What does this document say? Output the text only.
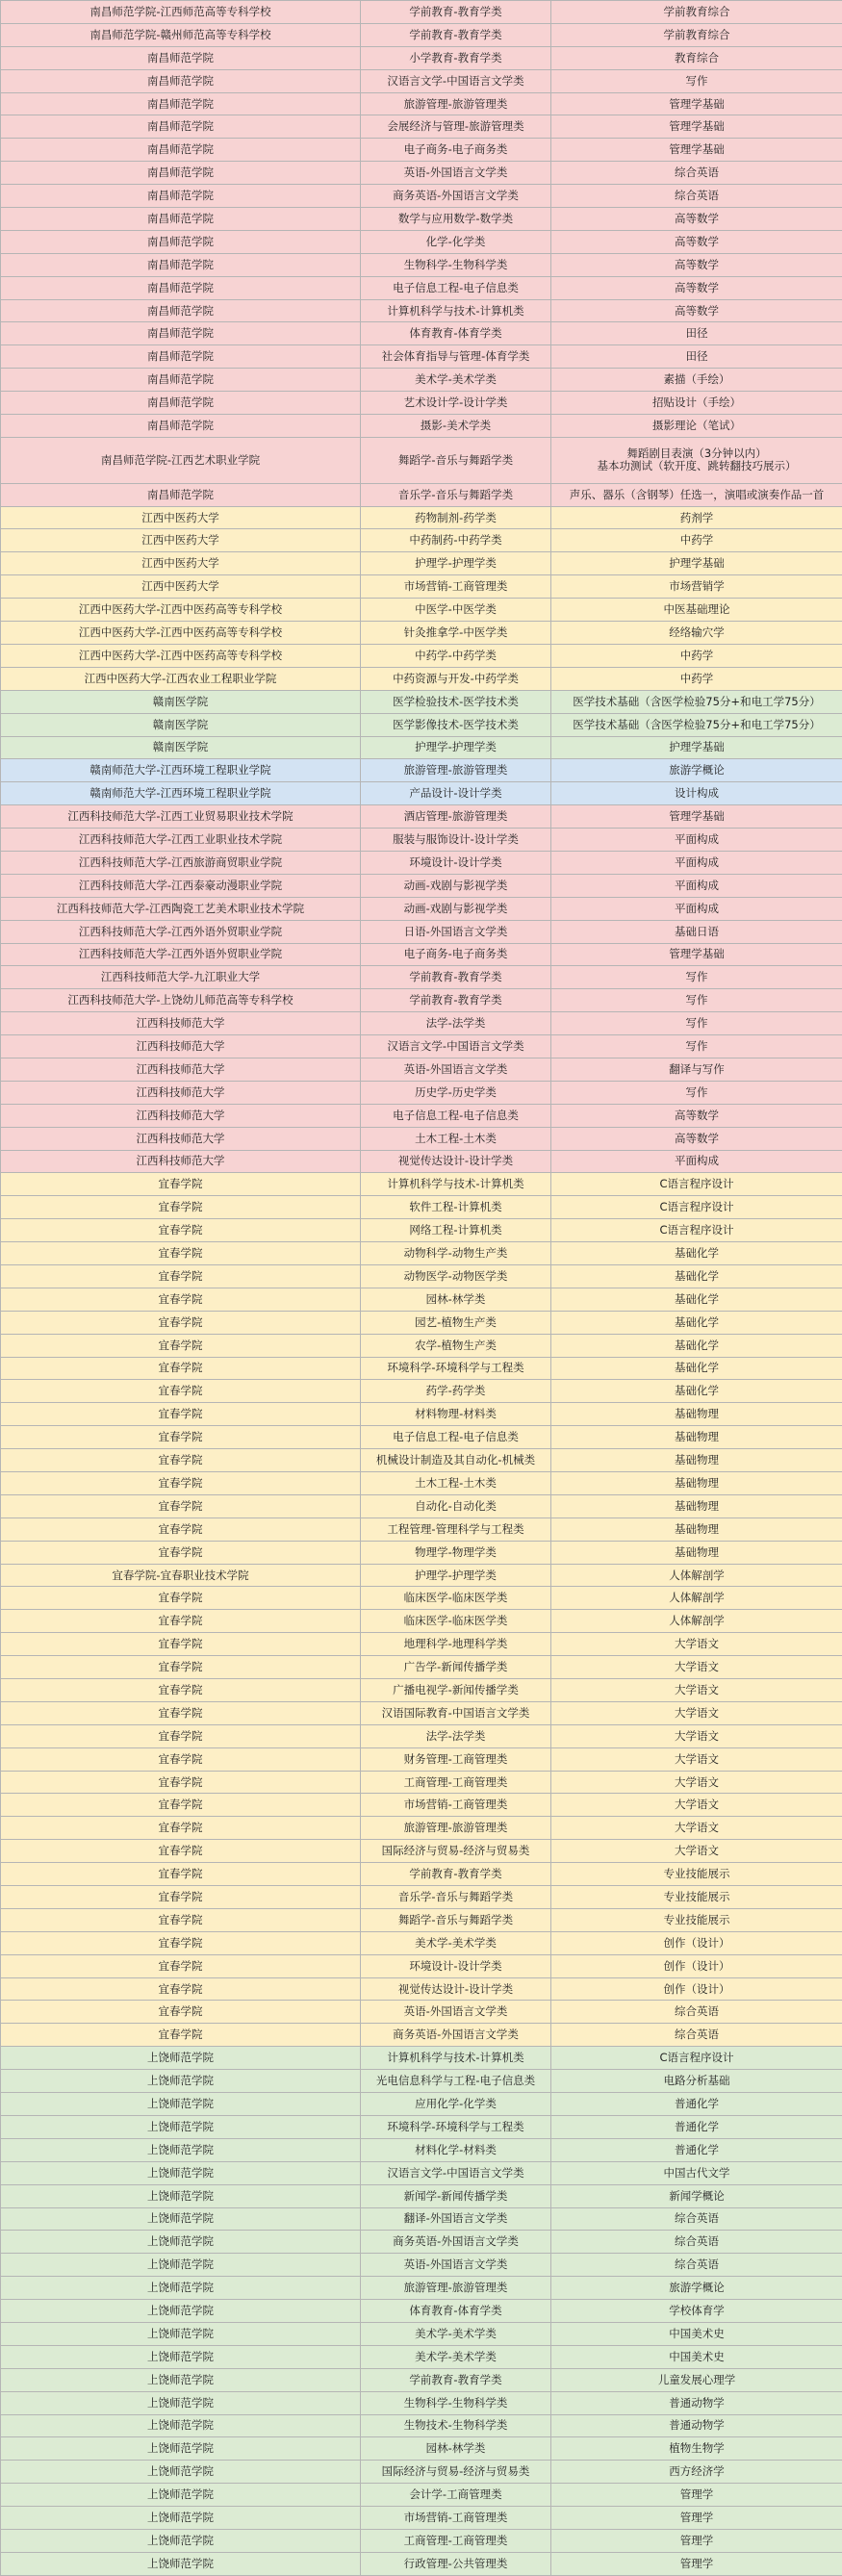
南昌师范学院-江西师范高等专科学校	学前教育-教育学类	学前教育综合
南昌师范学院-赣州师范高等专科学校	学前教育-教育学类	学前教育综合
南昌师范学院	小学教育-教育学类	教育综合
南昌师范学院	汉语言文学-中国语言文学类	写作
南昌师范学院	旅游管理-旅游管理类	管理学基础
南昌师范学院	会展经济与管理-旅游管理类	管理学基础
南昌师范学院	电子商务-电子商务类	管理学基础
南昌师范学院	英语-外国语言文学类	综合英语
南昌师范学院	商务英语-外国语言文学类	综合英语
南昌师范学院	数学与应用数学-数学类	高等数学
南昌师范学院	化学-化学类	高等数学
南昌师范学院	生物科学-生物科学类	高等数学
南昌师范学院	电子信息工程-电子信息类	高等数学
南昌师范学院	计算机科学与技术-计算机类	高等数学
南昌师范学院	体育教育-体育学类	田径
南昌师范学院	社会体育指导与管理-体育学类	田径
南昌师范学院	美术学-美术学类	素描（手绘）
南昌师范学院	艺术设计学-设计学类	招贴设计（手绘）
南昌师范学院	摄影-美术学类	摄影理论（笔试）
南昌师范学院-江西艺术职业学院	舞蹈学-音乐与舞蹈学类	舞蹈剧目表演（3分钟以内）
基本功测试（软开度、跳转翻技巧展示）
南昌师范学院	音乐学-音乐与舞蹈学类	声乐、器乐（含钢琴）任选一，演唱或演奏作品一首
江西中医药大学	药物制剂-药学类	药剂学
江西中医药大学	中药制药-中药学类	中药学
江西中医药大学	护理学-护理学类	护理学基础
江西中医药大学	市场营销-工商管理类	市场营销学
江西中医药大学-江西中医药高等专科学校	中医学-中医学类	中医基础理论
江西中医药大学-江西中医药高等专科学校	针灸推拿学-中医学类	经络输穴学
江西中医药大学-江西中医药高等专科学校	中药学-中药学类	中药学
江西中医药大学-江西农业工程职业学院	中药资源与开发-中药学类	中药学
赣南医学院	医学检验技术-医学技术类	医学技术基础（含医学检验75分+和电工学75分）
赣南医学院	医学影像技术-医学技术类	医学技术基础（含医学检验75分+和电工学75分）
赣南医学院	护理学-护理学类	护理学基础
赣南师范大学-江西环境工程职业学院	旅游管理-旅游管理类	旅游学概论
赣南师范大学-江西环境工程职业学院	产品设计-设计学类	设计构成
江西科技师范大学-江西工业贸易职业技术学院	酒店管理-旅游管理类	管理学基础
江西科技师范大学-江西工业职业技术学院	服装与服饰设计-设计学类	平面构成
江西科技师范大学-江西旅游商贸职业学院	环境设计-设计学类	平面构成
江西科技师范大学-江西泰豪动漫职业学院	动画-戏剧与影视学类	平面构成
江西科技师范大学-江西陶瓷工艺美术职业技术学院	动画-戏剧与影视学类	平面构成
江西科技师范大学-江西外语外贸职业学院	日语-外国语言文学类	基础日语
江西科技师范大学-江西外语外贸职业学院	电子商务-电子商务类	管理学基础
江西科技师范大学-九江职业大学	学前教育-教育学类	写作
江西科技师范大学-上饶幼儿师范高等专科学校	学前教育-教育学类	写作
江西科技师范大学	法学-法学类	写作
江西科技师范大学	汉语言文学-中国语言文学类	写作
江西科技师范大学	英语-外国语言文学类	翻译与写作
江西科技师范大学	历史学-历史学类	写作
江西科技师范大学	电子信息工程-电子信息类	高等数学
江西科技师范大学	土木工程-土木类	高等数学
江西科技师范大学	视觉传达设计-设计学类	平面构成
宜春学院	计算机科学与技术-计算机类	C语言程序设计
宜春学院	软件工程-计算机类	C语言程序设计
宜春学院	网络工程-计算机类	C语言程序设计
宜春学院	动物科学-动物生产类	基础化学
宜春学院	动物医学-动物医学类	基础化学
宜春学院	园林-林学类	基础化学
宜春学院	园艺-植物生产类	基础化学
宜春学院	农学-植物生产类	基础化学
宜春学院	环境科学-环境科学与工程类	基础化学
宜春学院	药学-药学类	基础化学
宜春学院	材料物理-材料类	基础物理
宜春学院	电子信息工程-电子信息类	基础物理
宜春学院	机械设计制造及其自动化-机械类	基础物理
宜春学院	土木工程-土木类	基础物理
宜春学院	自动化-自动化类	基础物理
宜春学院	工程管理-管理科学与工程类	基础物理
宜春学院	物理学-物理学类	基础物理
宜春学院-宜春职业技术学院	护理学-护理学类	人体解剖学
宜春学院	临床医学-临床医学类	人体解剖学
宜春学院	临床医学-临床医学类	人体解剖学
宜春学院	地理科学-地理科学类	大学语文
宜春学院	广告学-新闻传播学类	大学语文
宜春学院	广播电视学-新闻传播学类	大学语文
宜春学院	汉语国际教育-中国语言文学类	大学语文
宜春学院	法学-法学类	大学语文
宜春学院	财务管理-工商管理类	大学语文
宜春学院	工商管理-工商管理类	大学语文
宜春学院	市场营销-工商管理类	大学语文
宜春学院	旅游管理-旅游管理类	大学语文
宜春学院	国际经济与贸易-经济与贸易类	大学语文
宜春学院	学前教育-教育学类	专业技能展示
宜春学院	音乐学-音乐与舞蹈学类	专业技能展示
宜春学院	舞蹈学-音乐与舞蹈学类	专业技能展示
宜春学院	美术学-美术学类	创作（设计）
宜春学院	环境设计-设计学类	创作（设计）
宜春学院	视觉传达设计-设计学类	创作（设计）
宜春学院	英语-外国语言文学类	综合英语
宜春学院	商务英语-外国语言文学类	综合英语
上饶师范学院	计算机科学与技术-计算机类	C语言程序设计
上饶师范学院	光电信息科学与工程-电子信息类	电路分析基础
上饶师范学院	应用化学-化学类	普通化学
上饶师范学院	环境科学-环境科学与工程类	普通化学
上饶师范学院	材料化学-材料类	普通化学
上饶师范学院	汉语言文学-中国语言文学类	中国古代文学
上饶师范学院	新闻学-新闻传播学类	新闻学概论
上饶师范学院	翻译-外国语言文学类	综合英语
上饶师范学院	商务英语-外国语言文学类	综合英语
上饶师范学院	英语-外国语言文学类	综合英语
上饶师范学院	旅游管理-旅游管理类	旅游学概论
上饶师范学院	体育教育-体育学类	学校体育学
上饶师范学院	美术学-美术学类	中国美术史
上饶师范学院	美术学-美术学类	中国美术史
上饶师范学院	学前教育-教育学类	儿童发展心理学
上饶师范学院	生物科学-生物科学类	普通动物学
上饶师范学院	生物技术-生物科学类	普通动物学
上饶师范学院	园林-林学类	植物生物学
上饶师范学院	国际经济与贸易-经济与贸易类	西方经济学
上饶师范学院	会计学-工商管理类	管理学
上饶师范学院	市场营销-工商管理类	管理学
上饶师范学院	工商管理-工商管理类	管理学
上饶师范学院	行政管理-公共管理类	管理学
